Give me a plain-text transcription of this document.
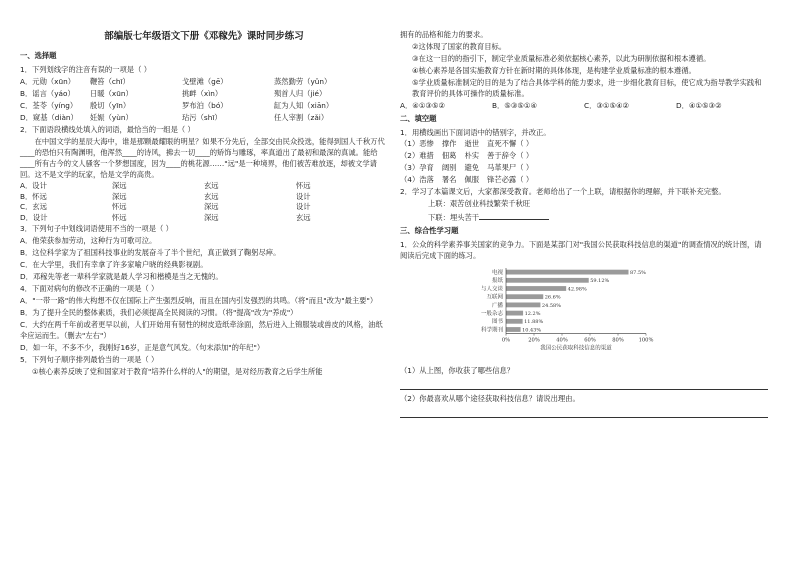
部编版七年级语文下册《邓稼先》课时同步练习
一、选择题
1．下列划线字的注音有误的一项是（ ）
A．元勋（xūn）	鞭笞（chī）	戈壁滩（gē）	蒸然勤劳（yǔn）
B．谣言（yáo）	日暖（xūn）	挑衅（xìn）	殒首人归（jié）
C．荃苓（yíng）	殷切（yīn）	罗布泊（bó）	缸为人知（xiān）
D．窥基（diàn）	妊娠（yùn）	玷污（shī）	任人宰割（zǎi）
2．下面语段横线处填入的词语，最恰当的一组是（ ）

在中国文学的星辰大海中，谁是那颗最耀眼的明星？如果不分先后，全部交由民众投选，能得到国人千秋万代____的恐怕只有陶渊明，他浑然____的诗风，拂去一切____的矫饰与雕琢，率真道出了最初和最深的真诚。能给____所有古今的文人骚客一个梦想国度，因为____的桃花源……"远"是一种境界，他们被苦难放逐，却被文学请回。这不是文学的玩家，恰是文学的高贵。

A．设计	深远	玄远	怀远
B．怀远	深远	玄远	设计
C．玄远	怀远	深远	设计
D．设计	怀远	深远	玄远
3．下列句子中划线词语使用不当的一项是（ ）
A．他荣获参加劳动，这种行为可歌可泣。
B．这位科学家为了祖国科技事业的发展奋斗了半个世纪，真正做到了鞠躬尽瘁。
C．在大学里，我们有幸拿了许多家喻户晓的经典影视剧。
D．邓稼先等老一辈科学家就是最人学习和楷模是当之无愧的。
4．下面对病句的修改不正确的一项是（ ）
A．"一带一路"的伟大构想不仅在国际上产生强烈反响，而且在国内引发强烈的共鸣。（将"而且"改为"最主要"）
B．为了提升全民的整体素质，我们必须提高全民阅读的习惯。（将"提高"改为"养成"）
C．大约在两千年前或者更早以前，人们开始用有韧性的树皮造纸牵涂面，然后进入上锦服装或兽皮的风格，油纸伞应运而生。（删去"左右"）
D．如一年，不多不少，我刚好16岁，正是意气风发。（句末添加"的年纪"）
5．下列句子顺序排列最恰当的一项是（ ）
①核心素养反映了党和国家对于教育"培养什么样的人"的期望，是对经历教育之后学生所能
拥有的品格和能力的要求。
②这体现了国家的教育目标。
③在这一目的的指引下，制定学业质量标准必须依据核心素养，以此为研制依据和根本遵循。
④核心素养是各国实施教育方针在新时期的具体体现，是构建学业质量标准的根本遵循。
⑤学业质量标准制定的目的是为了结合具体学科的能力要求，进一步细化教育目标，使它成为指导教学实践和教育评价的具体可操作的质量标准。
A．④①③⑤②	B．⑤③⑤①④	C．③①⑤④②	D．④①⑤③②
二、填空题
1．用横线画出下面词语中的错别字，并改正。
（1）恶惨 撑作 逝世 直死不懈（ ）
（2）难措 佃葛 朴实 善于辞令（ ）
（3）孕育 阔别 避免 马革果尸（ ）
（4）浩落 署名 佩服 锋芒必露（ ）
2．学习了本篇课文后，大家都深受教育。老师给出了一个上联，请根据你的理解，并下联补充完整。
上联：艰苦创业科技繁荣千秋旺
下联：埋头苦干
三、综合性学习题
1．公众的科学素养事关国家的竞争力。下面是某部门对"我国公民获取科技信息的渠道"的调查情况的统计图，请阅读后完成下面的练习。
87.5%
59.12%
42.98%
26.6%
24.58%
12.2%
11.88%
10.43%
电视
报纸
与人交谈
互联网
广播
一般杂志
图书
科学期刊
0%	20%	40%	60%	80%	100%
我国公民获取科技信息的渠道
（1）从上图，你收获了哪些信息？
（2）你最喜欢从哪个途径获取科技信息？请说出理由。
